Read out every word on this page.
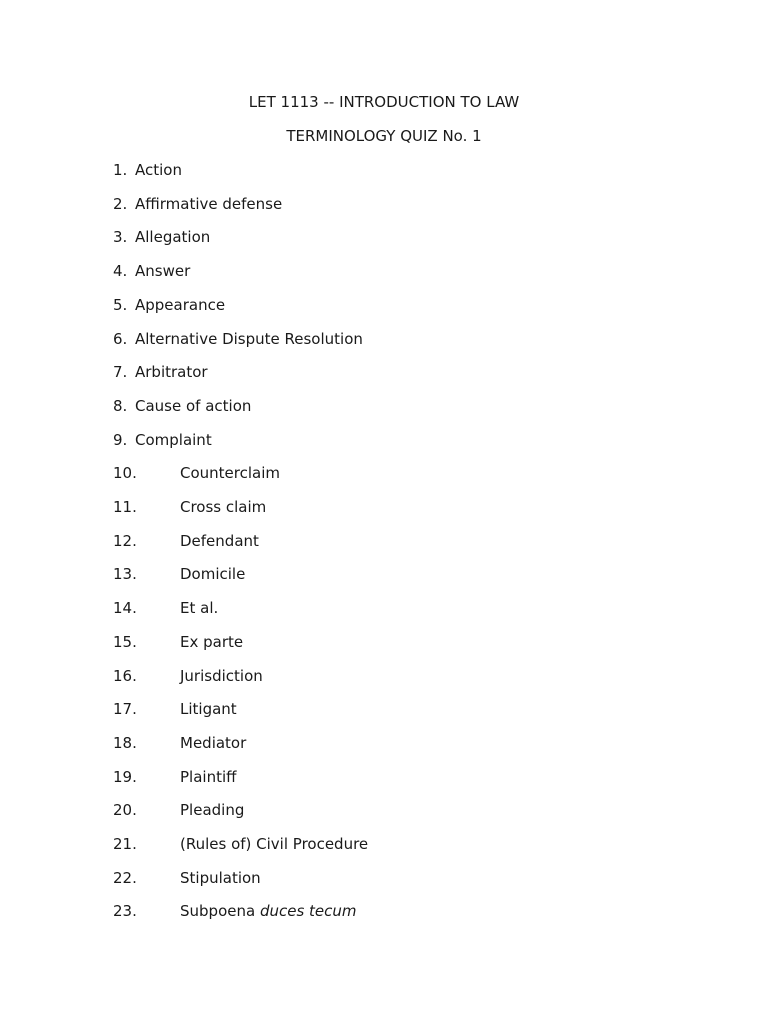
LET 1113 -- INTRODUCTION TO LAW
TERMINOLOGY QUIZ No. 1
1. Action
2. Affirmative defense
3. Allegation
4. Answer
5. Appearance
6. Alternative Dispute Resolution
7. Arbitrator
8. Cause of action
9. Complaint
10.	Counterclaim
11.	Cross claim
12.	Defendant
13.	Domicile
14.	Et al.
15.	Ex parte
16.	Jurisdiction
17.	Litigant
18.	Mediator
19.	Plaintiff
20.	Pleading
21.	(Rules of) Civil Procedure
22.	Stipulation
23.	Subpoena duces tecum
